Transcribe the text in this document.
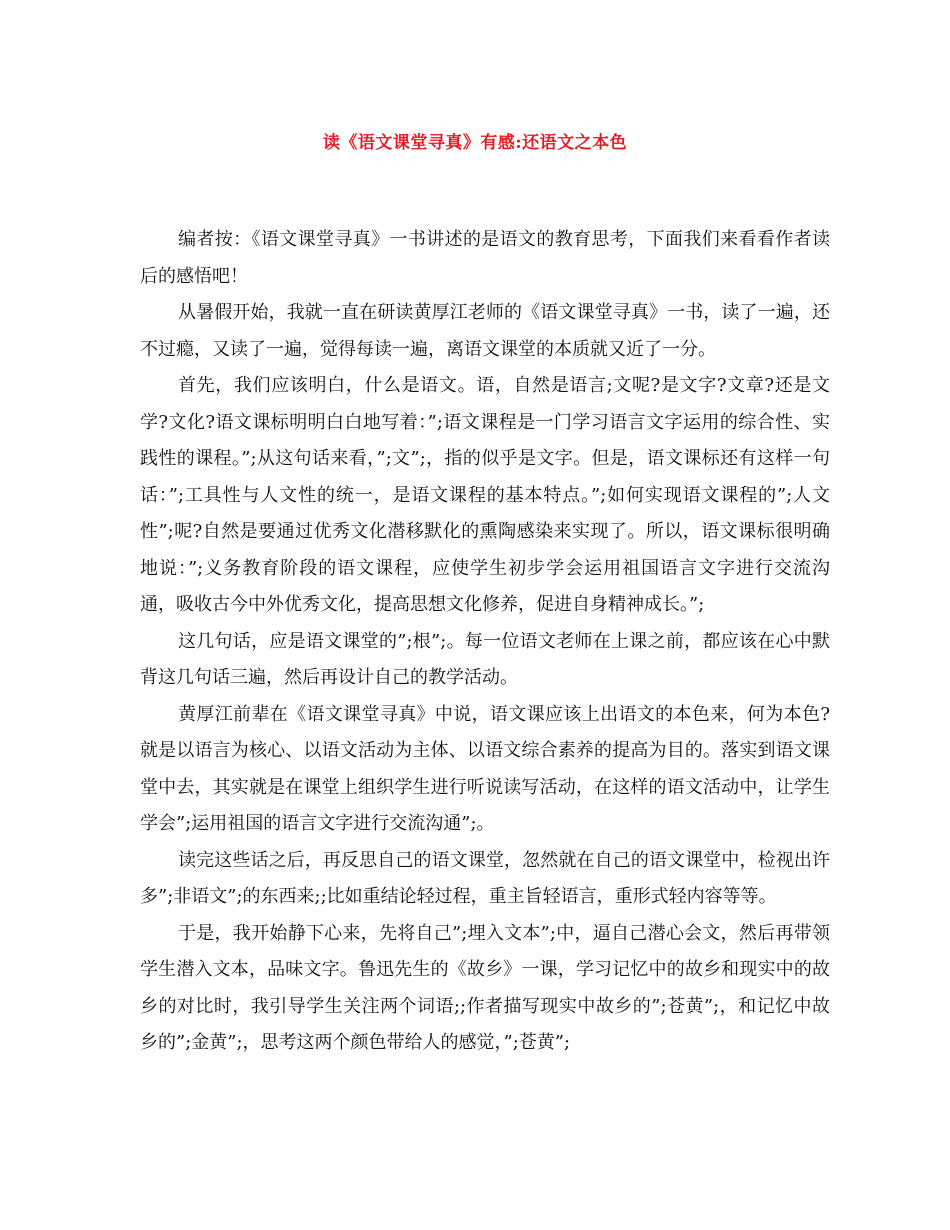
读《语文课堂寻真》有感:还语文之本色

编者按：《语文课堂寻真》一书讲述的是语文的教育思考，下面我们来看看作者读后的感悟吧！

从暑假开始，我就一直在研读黄厚江老师的《语文课堂寻真》一书，读了一遍，还不过瘾，又读了一遍，觉得每读一遍，离语文课堂的本质就又近了一分。

首先，我们应该明白，什么是语文。语，自然是语言;文呢?是文字?文章?还是文学?文化?语文课标明明白白地写着：”;语文课程是一门学习语言文字运用的综合性、实践性的课程。”;从这句话来看，”;文”;，指的似乎是文字。但是，语文课标还有这样一句话：”;工具性与人文性的统一，是语文课程的基本特点。”;如何实现语文课程的”;人文性”;呢?自然是要通过优秀文化潜移默化的熏陶感染来实现了。所以，语文课标很明确地说：”;义务教育阶段的语文课程，应使学生初步学会运用祖国语言文字进行交流沟通，吸收古今中外优秀文化，提高思想文化修养，促进自身精神成长。”;

这几句话，应是语文课堂的”;根”;。每一位语文老师在上课之前，都应该在心中默背这几句话三遍，然后再设计自己的教学活动。

黄厚江前辈在《语文课堂寻真》中说，语文课应该上出语文的本色来，何为本色?就是以语言为核心、以语文活动为主体、以语文综合素养的提高为目的。落实到语文课堂中去，其实就是在课堂上组织学生进行听说读写活动，在这样的语文活动中，让学生学会”;运用祖国的语言文字进行交流沟通”;。

读完这些话之后，再反思自己的语文课堂，忽然就在自己的语文课堂中，检视出许多”;非语文”;的东西来;;比如重结论轻过程，重主旨轻语言，重形式轻内容等等。

于是，我开始静下心来，先将自己”;埋入文本”;中，逼自己潜心会文，然后再带领学生潜入文本，品味文字。鲁迅先生的《故乡》一课，学习记忆中的故乡和现实中的故乡的对比时，我引导学生关注两个词语;;作者描写现实中故乡的”;苍黄”;，和记忆中故乡的”;金黄”;，思考这两个颜色带给人的感觉，”;苍黄”;
